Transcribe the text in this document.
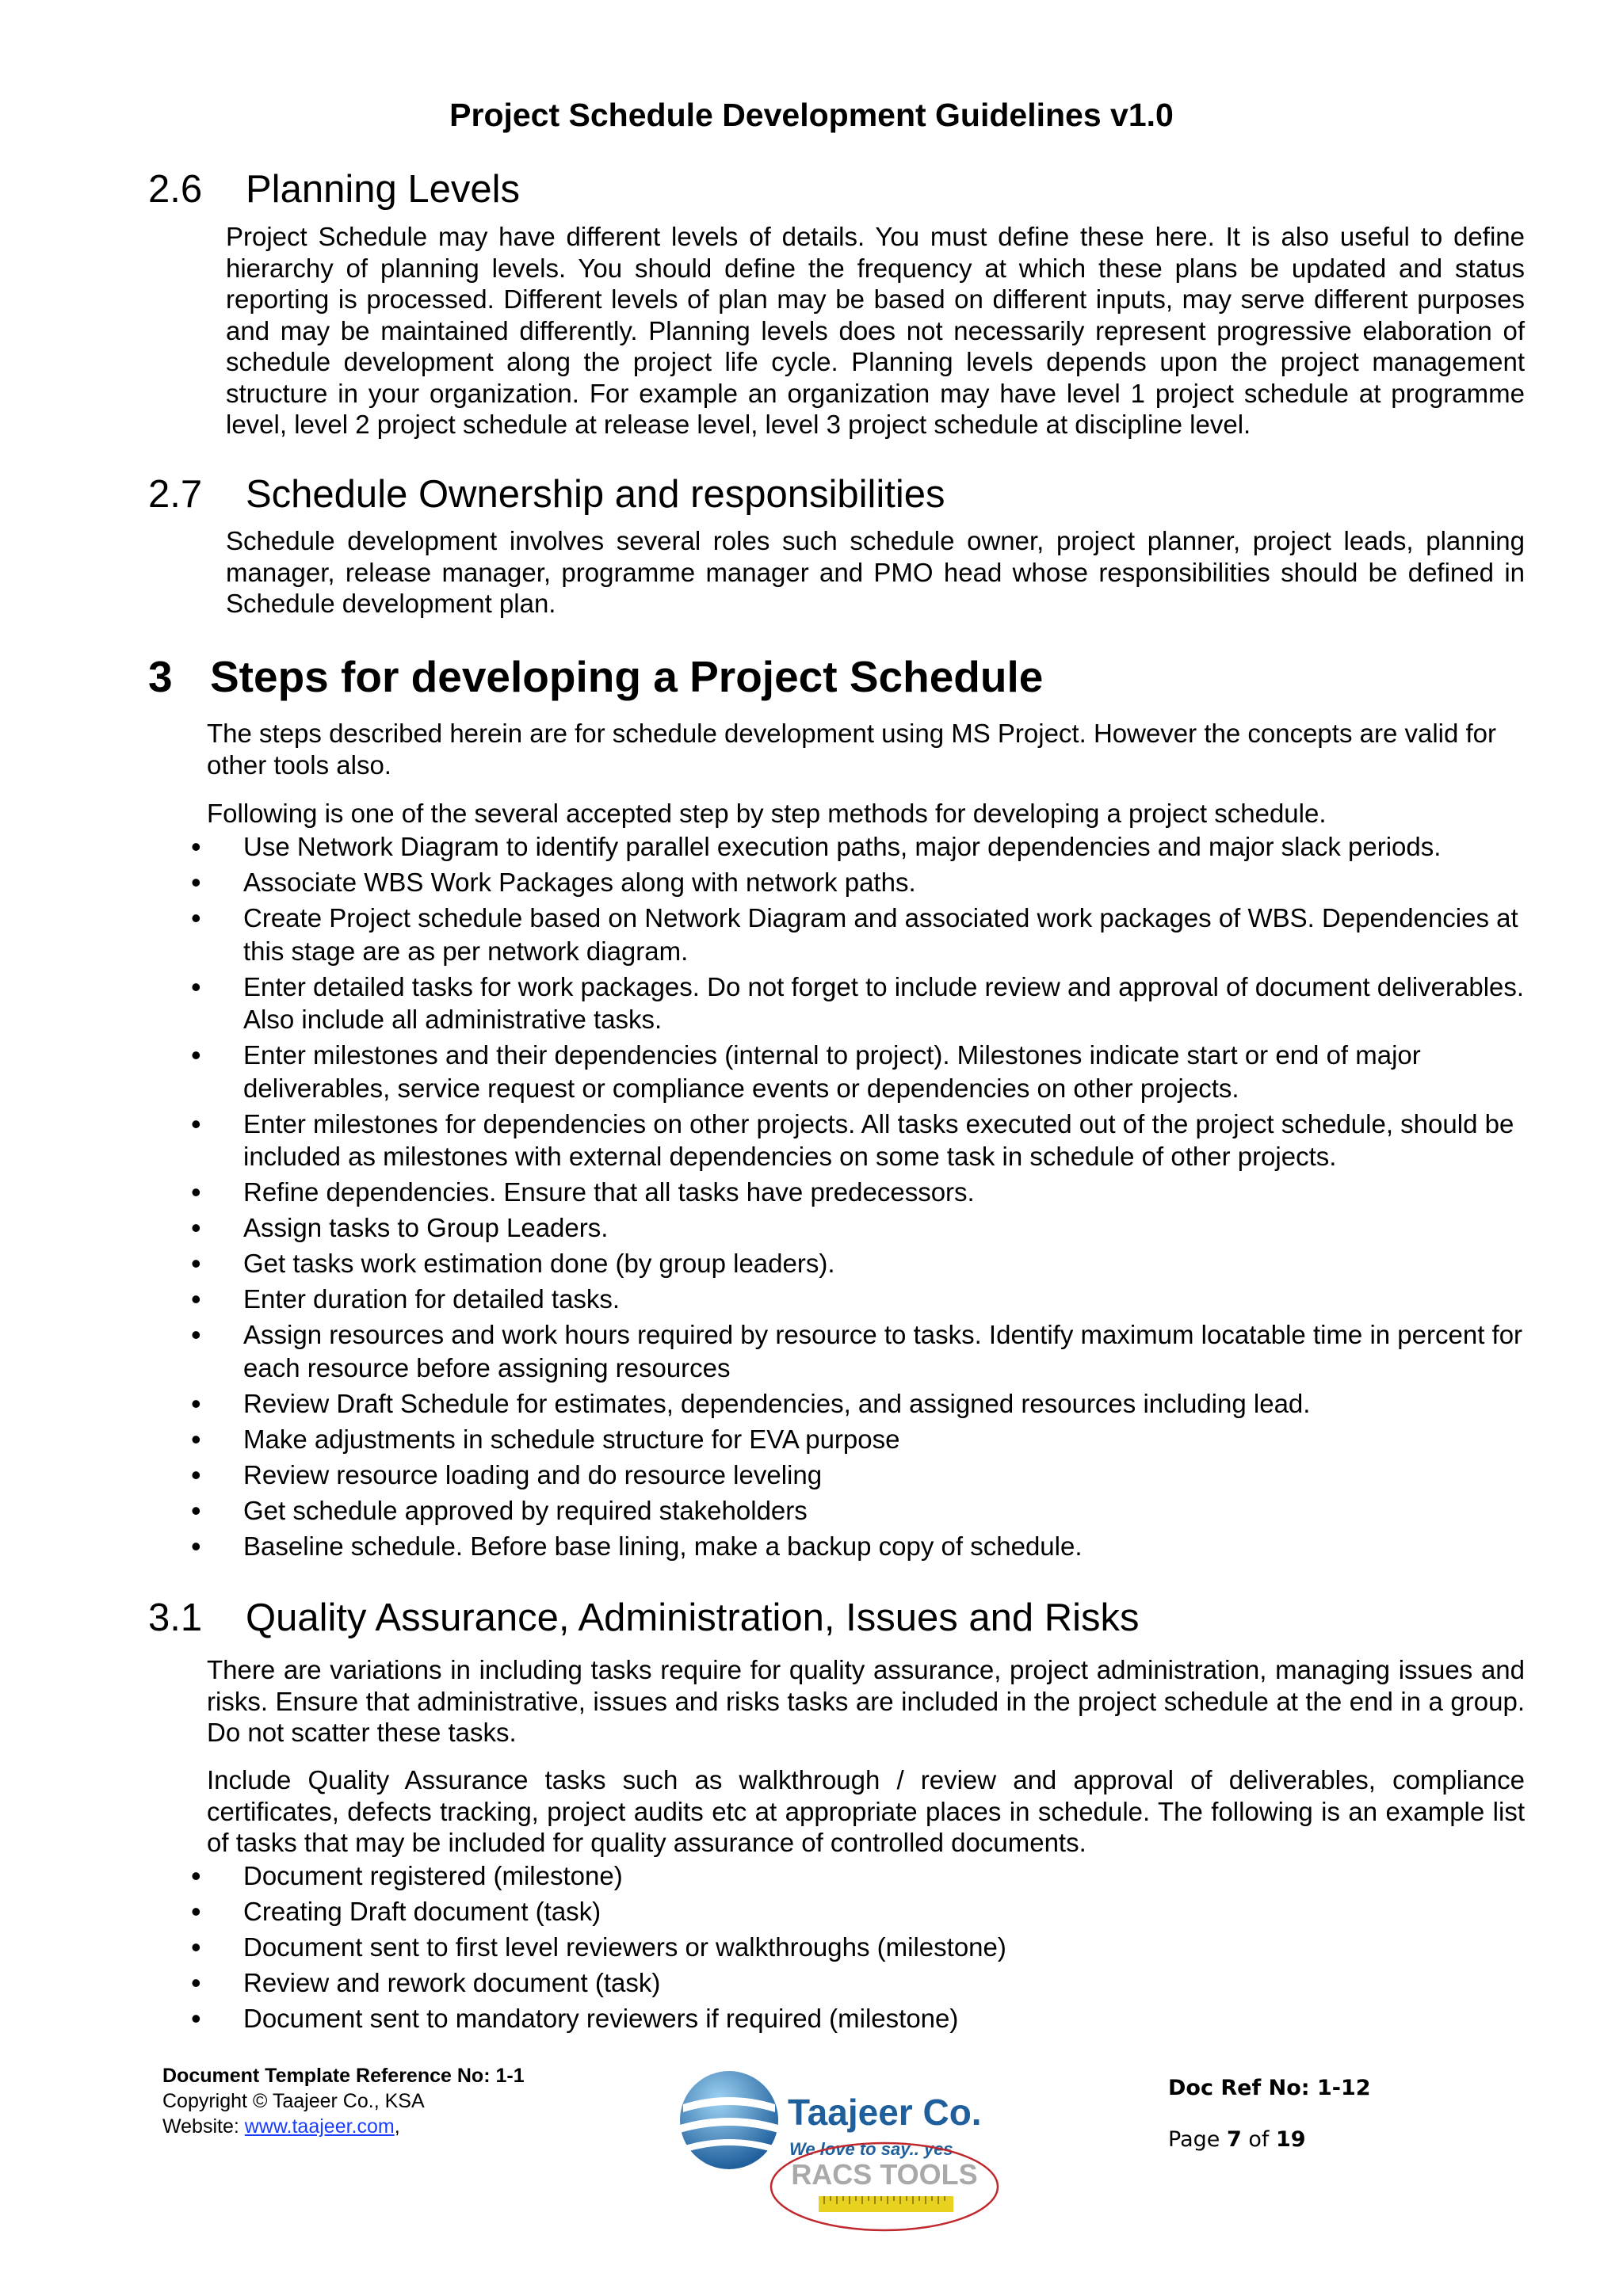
Project Schedule Development Guidelines v1.0
2.6 Planning Levels
Project Schedule may have different levels of details. You must define these here. It is also useful to define hierarchy of planning levels. You should define the frequency at which these plans be updated and status reporting is processed. Different levels of plan may be based on different inputs, may serve different purposes and may be maintained differently. Planning levels does not necessarily represent progressive elaboration of schedule development along the project life cycle. Planning levels depends upon the project management structure in your organization. For example an organization may have level 1 project schedule at programme level, level 2 project schedule at release level, level 3 project schedule at discipline level.
2.7 Schedule Ownership and responsibilities
Schedule development involves several roles such schedule owner, project planner, project leads, planning manager, release manager, programme manager and PMO head whose responsibilities should be defined in Schedule development plan.
3 Steps for developing a Project Schedule
The steps described herein are for schedule development using MS Project. However the concepts are valid for other tools also.
Following is one of the several accepted step by step methods for developing a project schedule.
• Use Network Diagram to identify parallel execution paths, major dependencies and major slack periods.
• Associate WBS Work Packages along with network paths.
• Create Project schedule based on Network Diagram and associated work packages of WBS. Dependencies at this stage are as per network diagram.
• Enter detailed tasks for work packages. Do not forget to include review and approval of document deliverables. Also include all administrative tasks.
• Enter milestones and their dependencies (internal to project). Milestones indicate start or end of major deliverables, service request or compliance events or dependencies on other projects.
• Enter milestones for dependencies on other projects. All tasks executed out of the project schedule, should be included as milestones with external dependencies on some task in schedule of other projects.
• Refine dependencies. Ensure that all tasks have predecessors.
• Assign tasks to Group Leaders.
• Get tasks work estimation done (by group leaders).
• Enter duration for detailed tasks.
• Assign resources and work hours required by resource to tasks. Identify maximum locatable time in percent for each resource before assigning resources
• Review Draft Schedule for estimates, dependencies, and assigned resources including lead.
• Make adjustments in schedule structure for EVA purpose
• Review resource loading and do resource leveling
• Get schedule approved by required stakeholders
• Baseline schedule. Before base lining, make a backup copy of schedule.
3.1 Quality Assurance, Administration, Issues and Risks
There are variations in including tasks require for quality assurance, project administration, managing issues and risks. Ensure that administrative, issues and risks tasks are included in the project schedule at the end in a group. Do not scatter these tasks.
Include Quality Assurance tasks such as walkthrough / review and approval of deliverables, compliance certificates, defects tracking, project audits etc at appropriate places in schedule. The following is an example list of tasks that may be included for quality assurance of controlled documents.
• Document registered (milestone)
• Creating Draft document (task)
• Document sent to first level reviewers or walkthroughs (milestone)
• Review and rework document (task)
• Document sent to mandatory reviewers if required (milestone)
Document Template Reference No: 1-1
Copyright © Taajeer Co., KSA
Website: www.taajeer.com,	Taajeer Co.
We love to say.. yes
RACS TOOLS
Doc Ref No: 1-12
Page 7 of 19
